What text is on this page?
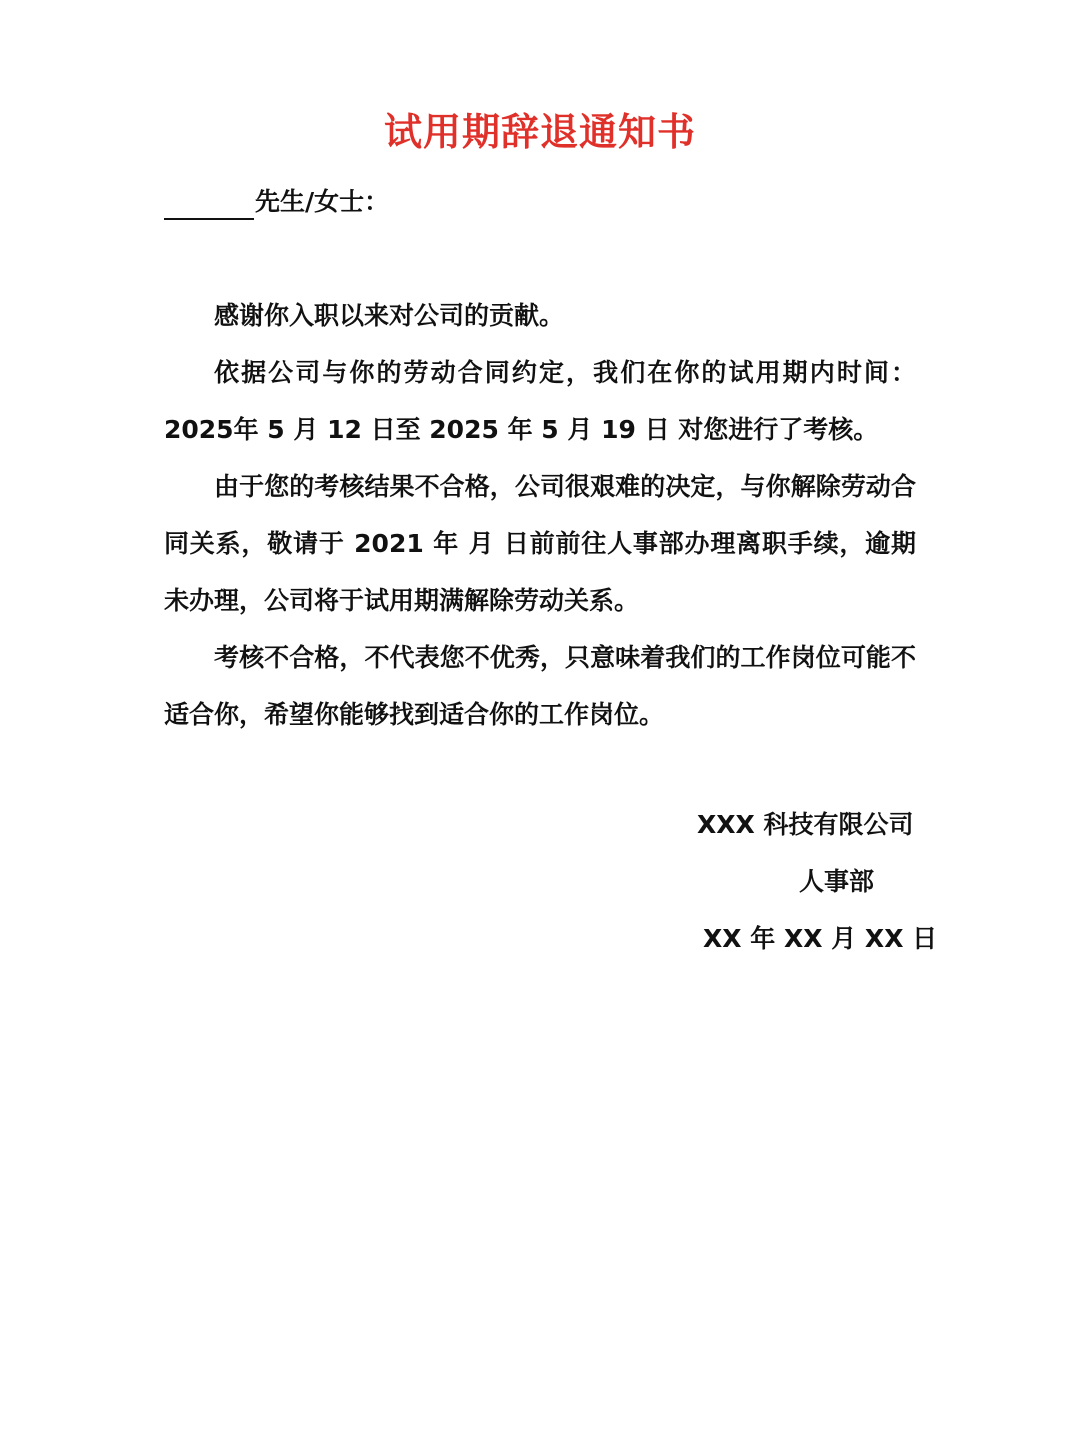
试用期辞退通知书
先生/女士：

感谢你入职以来对公司的贡献。

依据公司与你的劳动合同约定，我们在你的试用期内时间：2025年 5 月 12 日至 2025 年 5 月 19 日 对您进行了考核。

由于您的考核结果不合格，公司很艰难的决定，与你解除劳动合同关系，敬请于 2021 年 月 日前前往人事部办理离职手续，逾期未办理，公司将于试用期满解除劳动关系。

考核不合格，不代表您不优秀，只意味着我们的工作岗位可能不适合你，希望你能够找到适合你的工作岗位。

XXX 科技有限公司
人事部
XX 年 XX 月 XX 日
